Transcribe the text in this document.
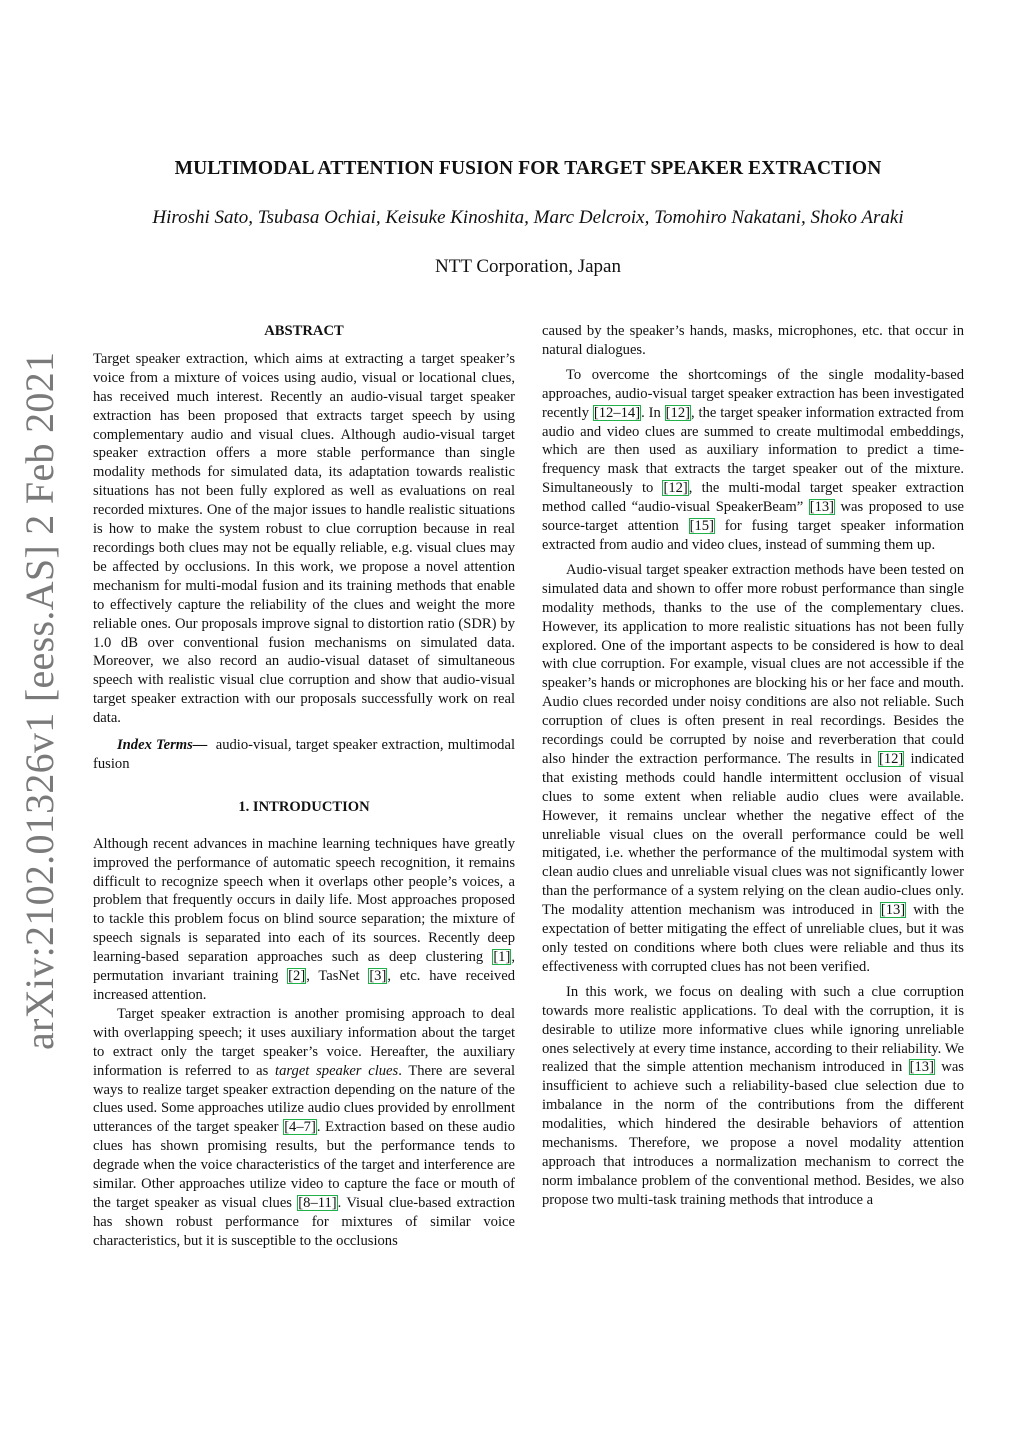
arXiv:2102.01326v1 [eess.AS] 2 Feb 2021
MULTIMODAL ATTENTION FUSION FOR TARGET SPEAKER EXTRACTION
Hiroshi Sato, Tsubasa Ochiai, Keisuke Kinoshita, Marc Delcroix, Tomohiro Nakatani, Shoko Araki
NTT Corporation, Japan
ABSTRACT

Target speaker extraction, which aims at extracting a target speaker’s voice from a mixture of voices using audio, visual or locational clues, has received much interest. Recently an audio-visual target speaker extraction has been proposed that extracts target speech by using complementary audio and visual clues. Although audio-visual target speaker extraction offers a more stable performance than single modality methods for simulated data, its adaptation towards realistic situations has not been fully explored as well as evaluations on real recorded mixtures. One of the major issues to handle realistic situations is how to make the system robust to clue corruption because in real recordings both clues may not be equally reliable, e.g. visual clues may be affected by occlusions. In this work, we propose a novel attention mechanism for multi-modal fusion and its training methods that enable to effectively capture the reliability of the clues and weight the more reliable ones. Our proposals improve signal to distortion ratio (SDR) by 1.0 dB over conventional fusion mechanisms on simulated data. Moreover, we also record an audio-visual dataset of simultaneous speech with realistic visual clue corruption and show that audio-visual target speaker extraction with our proposals successfully work on real data.

Index Terms— audio-visual, target speaker extraction, multimodal fusion

1. INTRODUCTION

Although recent advances in machine learning techniques have greatly improved the performance of automatic speech recognition, it remains difficult to recognize speech when it overlaps other people’s voices, a problem that frequently occurs in daily life. Most approaches proposed to tackle this problem focus on blind source separation; the mixture of speech signals is separated into each of its sources. Recently deep learning-based separation approaches such as deep clustering [1], permutation invariant training [2], TasNet [3], etc. have received increased attention.

Target speaker extraction is another promising approach to deal with overlapping speech; it uses auxiliary information about the target to extract only the target speaker’s voice. Hereafter, the auxiliary information is referred to as target speaker clues. There are several ways to realize target speaker extraction depending on the nature of the clues used. Some approaches utilize audio clues provided by enrollment utterances of the target speaker [4–7]. Extraction based on these audio clues has shown promising results, but the performance tends to degrade when the voice characteristics of the target and interference are similar. Other approaches utilize video to capture the face or mouth of the target speaker as visual clues [8–11]. Visual clue-based extraction has shown robust performance for mixtures of similar voice characteristics, but it is susceptible to the occlusions

caused by the speaker’s hands, masks, microphones, etc. that occur in natural dialogues.

To overcome the shortcomings of the single modality-based approaches, audio-visual target speaker extraction has been investigated recently [12–14]. In [12], the target speaker information extracted from audio and video clues are summed to create multimodal embeddings, which are then used as auxiliary information to predict a time-frequency mask that extracts the target speaker out of the mixture. Simultaneously to [12], the multi-modal target speaker extraction method called “audio-visual SpeakerBeam” [13] was proposed to use source-target attention [15] for fusing target speaker information extracted from audio and video clues, instead of summing them up.

Audio-visual target speaker extraction methods have been tested on simulated data and shown to offer more robust performance than single modality methods, thanks to the use of the complementary clues. However, its application to more realistic situations has not been fully explored. One of the important aspects to be considered is how to deal with clue corruption. For example, visual clues are not accessible if the speaker’s hands or microphones are blocking his or her face and mouth. Audio clues recorded under noisy conditions are also not reliable. Such corruption of clues is often present in real recordings. Besides the recordings could be corrupted by noise and reverberation that could also hinder the extraction performance. The results in [12] indicated that existing methods could handle intermittent occlusion of visual clues to some extent when reliable audio clues were available. However, it remains unclear whether the negative effect of the unreliable visual clues on the overall performance could be well mitigated, i.e. whether the performance of the multimodal system with clean audio clues and unreliable visual clues was not significantly lower than the performance of a system relying on the clean audio-clues only. The modality attention mechanism was introduced in [13] with the expectation of better mitigating the effect of unreliable clues, but it was only tested on conditions where both clues were reliable and thus its effectiveness with corrupted clues has not been verified.

In this work, we focus on dealing with such a clue corruption towards more realistic applications. To deal with the corruption, it is desirable to utilize more informative clues while ignoring unreliable ones selectively at every time instance, according to their reliability. We realized that the simple attention mechanism introduced in [13] was insufficient to achieve such a reliability-based clue selection due to imbalance in the norm of the contributions from the different modalities, which hindered the desirable behaviors of attention mechanisms. Therefore, we propose a novel modality attention approach that introduces a normalization mechanism to correct the norm imbalance problem of the conventional method. Besides, we also propose two multi-task training methods that introduce a
